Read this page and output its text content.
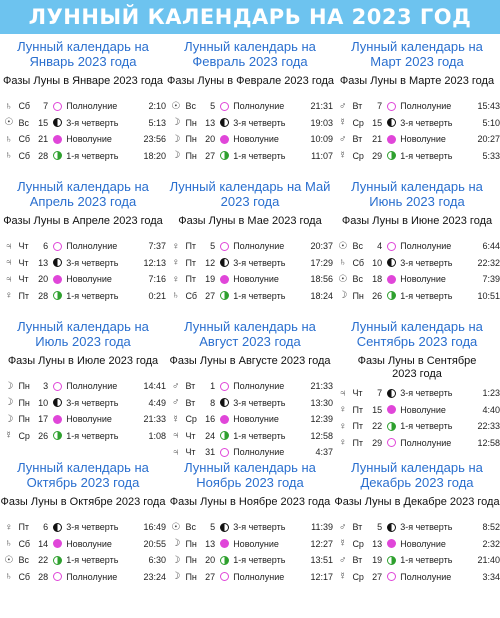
ЛУННЫЙ КАЛЕНДАРЬ НА 2023 ГОД
Лунный календарь на Январь 2023 года
Фазы Луны в Январе 2023 года
♄ Сб	7 Полнолуние	2:10
☉ Вс	15 3-я четверть	5:13
♄ Сб 21 Новолуние	23:56
♄ Сб 28 1-я четверть	18:20
Лунный календарь на Февраль 2023 года
Фазы Луны в Феврале 2023 года
☉ Вс	5 Полнолуние	21:31
☽ Пн 13 3-я четверть	19:03
☽ Пн 20 Новолуние	10:09
☽ Пн 27 1-я четверть	11:07
Лунный календарь на Март 2023 года
Фазы Луны в Марте 2023 года
♂ Вт	7 Полнолуние	15:43
☿ Ср 15 3-я четверть	5:10
♂ Вт	21 Новолуние	20:27
☿ Ср 29 1-я четверть	5:33
Лунный календарь на Апрель 2023 года
Фазы Луны в Апреле 2023 года
♃ Чт	6 Полнолуние	7:37
♃ Чт	13 3-я четверть	12:13
♃ Чт	20 Новолуние	7:16
♀ Пт	28 1-я четверть	0:21
Лунный календарь на Май 2023 года
Фазы Луны в Мае 2023 года
♀ Пт	5 Полнолуние	20:37
♀ Пт	12 3-я четверть	17:29
♀ Пт	19 Новолуние	18:56
♄ Сб 27 1-я четверть	18:24
Лунный календарь на Июнь 2023 года
Фазы Луны в Июне 2023 года
☉ Вс	4 Полнолуние	6:44
♄ Сб 10 3-я четверть	22:32
☉ Вс	18 Новолуние	7:39
☽ Пн 26 1-я четверть	10:51
Лунный календарь на Июль 2023 года
Фазы Луны в Июле 2023 года
☽ Пн	3 Полнолуние	14:41
☽ Пн 10 3-я четверть	4:49
☽ Пн 17 Новолуние	21:33
☿ Ср 26 1-я четверть	1:08
Лунный календарь на Август 2023 года
Фазы Луны в Августе 2023 года
♂ Вт	1 Полнолуние	21:33
♂ Вт	8 3-я четверть	13:30
☿ Ср 16 Новолуние	12:39
♃ Чт	24 1-я четверть	12:58
♃ Чт	31 Полнолуние	4:37
Лунный календарь на Сентябрь 2023 года
Фазы Луны в Сентябре 2023 года
♃ Чт	7 3-я четверть	1:23
♀ Пт	15 Новолуние	4:40
♀ Пт	22 1-я четверть	22:33
♀ Пт	29 Полнолуние	12:58
Лунный календарь на Октябрь 2023 года
Фазы Луны в Октябре 2023 года
♀ Пт	6 3-я четверть	16:49
♄ Сб 14 Новолуние	20:55
☉ Вс	22 1-я четверть	6:30
♄ Сб 28 Полнолуние	23:24
Лунный календарь на Ноябрь 2023 года
Фазы Луны в Ноябре 2023 года
☉ Вс	5 3-я четверть	11:39
☽ Пн 13 Новолуние	12:27
☽ Пн 20 1-я четверть	13:51
☽ Пн 27 Полнолуние	12:17
Лунный календарь на Декабрь 2023 года
Фазы Луны в Декабре 2023 года
♂ Вт	5 3-я четверть	8:52
☿ Ср 13 Новолуние	2:32
♂ Вт	19 1-я четверть	21:40
☿ Ср 27 Полнолуние	3:34
